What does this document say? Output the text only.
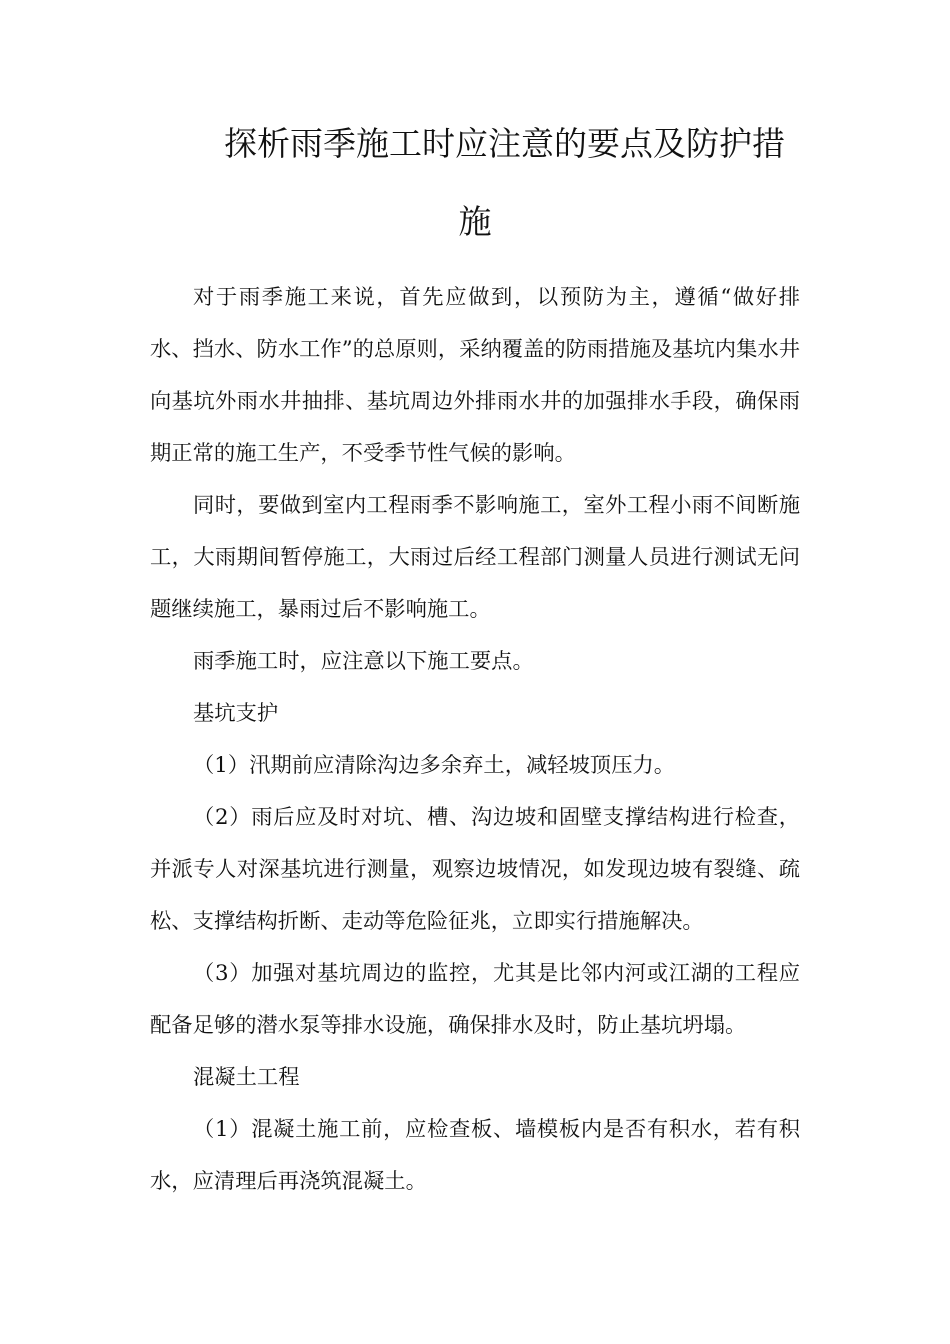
探析雨季施工时应注意的要点及防护措
施

对于雨季施工来说，首先应做到，以预防为主，遵循“做好排水、挡水、防水工作”的总原则，采纳覆盖的防雨措施及基坑内集水井向基坑外雨水井抽排、基坑周边外排雨水井的加强排水手段，确保雨期正常的施工生产，不受季节性气候的影响。

同时，要做到室内工程雨季不影响施工，室外工程小雨不间断施工，大雨期间暂停施工，大雨过后经工程部门测量人员进行测试无问题继续施工，暴雨过后不影响施工。

雨季施工时，应注意以下施工要点。

基坑支护

（1）汛期前应清除沟边多余弃土，减轻坡顶压力。

（2）雨后应及时对坑、槽、沟边坡和固壁支撑结构进行检查，并派专人对深基坑进行测量，观察边坡情况，如发现边坡有裂缝、疏松、支撑结构折断、走动等危险征兆，立即实行措施解决。

（3）加强对基坑周边的监控，尤其是比邻内河或江湖的工程应配备足够的潜水泵等排水设施，确保排水及时，防止基坑坍塌。

混凝土工程

（1）混凝土施工前，应检查板、墙模板内是否有积水，若有积水，应清理后再浇筑混凝土。
